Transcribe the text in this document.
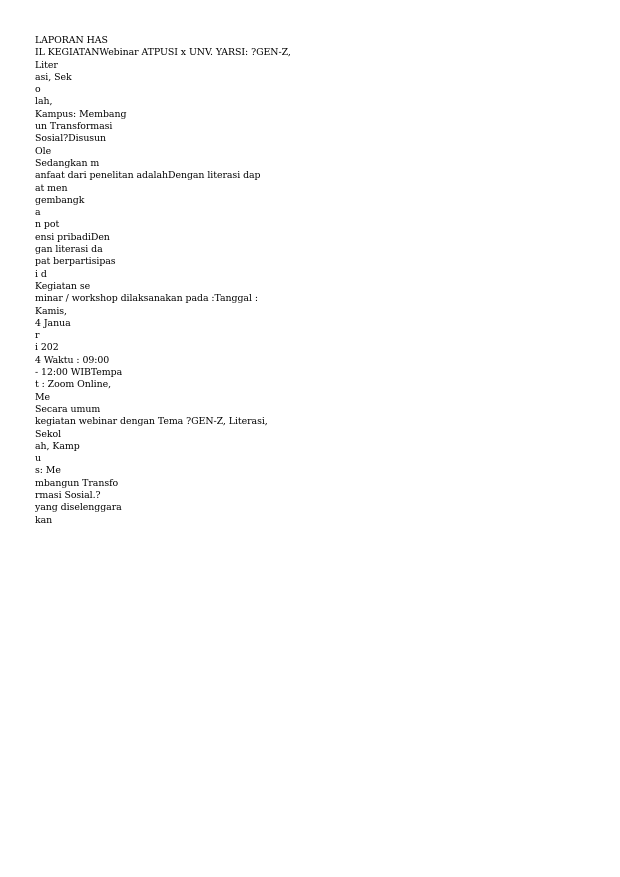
LAPORAN HAS
IL KEGIATANWebinar ATPUSI x UNV. YARSI: ?GEN-Z,
Liter
asi, Sek
o
lah,
Kampus: Membang
un Transformasi
Sosial?Disusun
Ole
Sedangkan m
anfaat dari penelitan adalahDengan literasi dap
at men
gembangk
a
n pot
ensi pribadiDen
gan literasi da
pat berpartisipas
i d
Kegiatan se
minar / workshop dilaksanakan pada :Tanggal :
Kamis,
4 Janua
r
i 202
4 Waktu : 09:00
- 12:00 WIBTempa
t : Zoom Online,
Me
Secara umum
kegiatan webinar dengan Tema ?GEN-Z, Literasi,
Sekol
ah, Kamp
u
s: Me
mbangun Transfo
rmasi Sosial.?
yang diselenggara
kan
